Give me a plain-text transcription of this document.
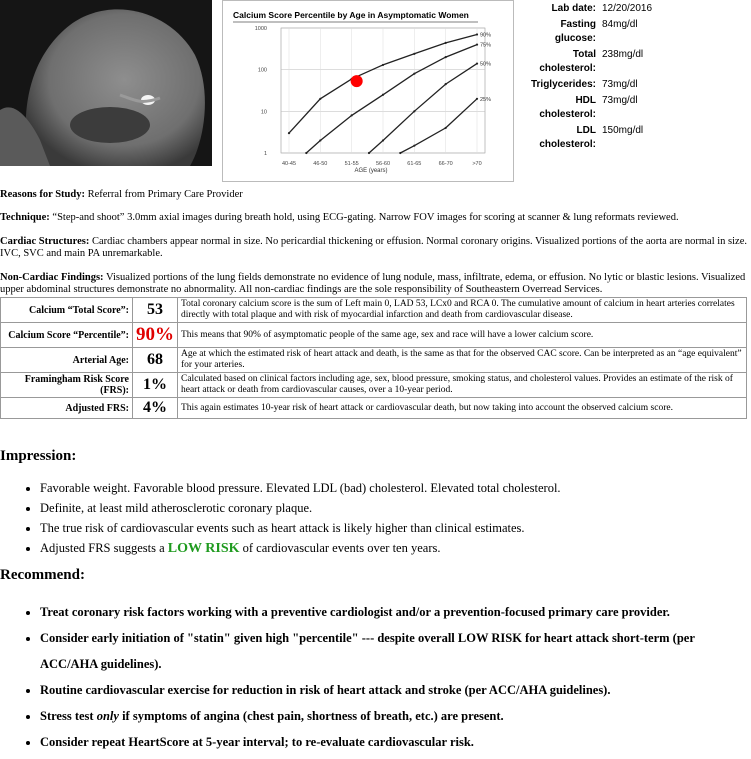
Calcium Score Percentile by Age in Asymptomatic Women
1000
100
10
1
40-45	46-50	51-55	56-60	61-65	66-70	>70
90%
75%
50%
25%
AGE (years)
Lab date: 12/20/2016
Fasting glucose:
84mg/dl
Total cholesterol:
238mg/dl
Triglycerides: 73mg/dl
HDL cholesterol:
73mg/dl
LDL cholesterol:
150mg/dl
Reasons for Study: Referral from Primary Care Provider
Technique: “Step-and shoot” 3.0mm axial images during breath hold, using ECG-gating. Narrow FOV images for scoring at scanner & lung reformats reviewed.
Cardiac Structures: Cardiac chambers appear normal in size. No pericardial thickening or effusion. Normal coronary origins. Visualized portions of the aorta are normal in size. IVC, SVC and main PA unremarkable.
Non-Cardiac Findings: Visualized portions of the lung fields demonstrate no evidence of lung nodule, mass, infiltrate, edema, or effusion. No lytic or blastic lesions. Visualized upper abdominal structures demonstrate no abnormality. All non-cardiac findings are the sole responsibility of Southeastern Overread Services.
Calcium “Total Score”:	53	Total coronary calcium score is the sum of Left main 0, LAD 53, LCx0 and RCA 0. The cumulative amount of calcium in heart arteries correlates directly with total plaque and with risk of myocardial infarction and death from cardiovascular disease.
Calcium Score “Percentile”:	90%	This means that 90% of asymptomatic people of the same age, sex and race will have a lower calcium score.
Arterial Age:	68	Age at which the estimated risk of heart attack and death, is the same as that for the observed CAC score. Can be interpreted as an “age equivalent” for your arteries.
Framingham Risk Score (FRS):	1%	Calculated based on clinical factors including age, sex, blood pressure, smoking status, and cholesterol values. Provides an estimate of the risk of heart attack or death from cardiovascular causes, over a 10-year period.
Adjusted FRS:	4%	This again estimates 10-year risk of heart attack or cardiovascular death, but now taking into account the observed calcium score.
Impression:
• Favorable weight. Favorable blood pressure. Elevated LDL (bad) cholesterol. Elevated total cholesterol.
• Definite, at least mild atherosclerotic coronary plaque.
• The true risk of cardiovascular events such as heart attack is likely higher than clinical estimates.
• Adjusted FRS suggests a LOW RISK of cardiovascular events over ten years.
Recommend:
• Treat coronary risk factors working with a preventive cardiologist and/or a prevention-focused primary care provider.
• Consider early initiation of "statin" given high "percentile" --- despite overall LOW RISK for heart attack short-term (per ACC/AHA guidelines).
• Routine cardiovascular exercise for reduction in risk of heart attack and stroke (per ACC/AHA guidelines).
• Stress test only if symptoms of angina (chest pain, shortness of breath, etc.) are present.
• Consider repeat HeartScore at 5-year interval; to re-evaluate cardiovascular risk.
